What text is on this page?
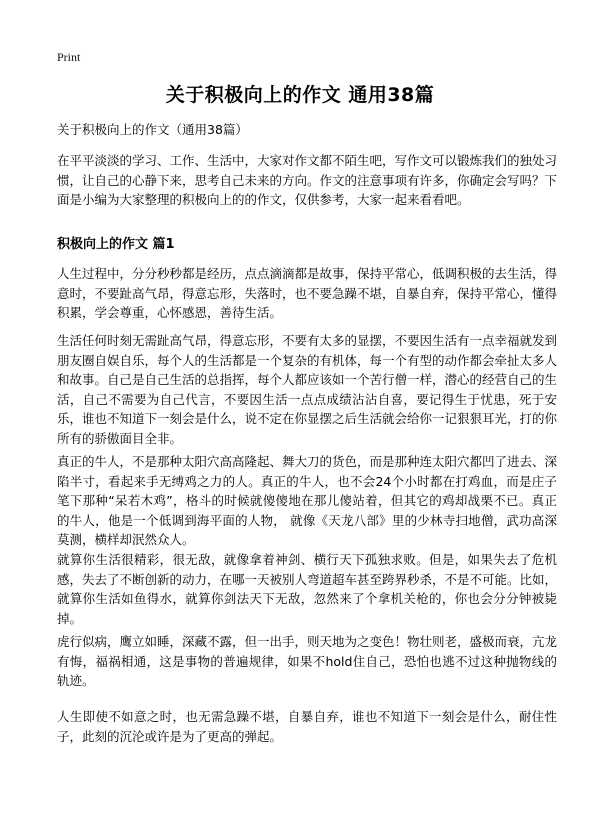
Print
关于积极向上的作文 通用38篇
关于积极向上的作文（通用38篇）

在平平淡淡的学习、工作、生活中，大家对作文都不陌生吧，写作文可以锻炼我们的独处习惯，让自己的心静下来，思考自己未来的方向。作文的注意事项有许多，你确定会写吗？下面是小编为大家整理的积极向上的的作文，仅供参考，大家一起来看看吧。

积极向上的作文 篇1

人生过程中，分分秒秒都是经历，点点滴滴都是故事，保持平常心，低调积极的去生活，得意时，不要趾高气昂，得意忘形，失落时，也不要急躁不堪，自暴自弃，保持平常心，懂得积累，学会尊重，心怀感恩，善待生活。

生活任何时刻无需趾高气昂，得意忘形，不要有太多的显摆，不要因生活有一点幸福就发到朋友圈自娱自乐，每个人的生活都是一个复杂的有机体，每一个有型的动作都会牵扯太多人和故事。自己是自己生活的总指挥，每个人都应该如一个苦行僧一样，潜心的经营自己的生活，自己不需要为自己代言，不要因生活一点点成绩沾沾自喜，要记得生于忧患，死于安乐，谁也不知道下一刻会是什么，说不定在你显摆之后生活就会给你一记狠狠耳光，打的你所有的骄傲面目全非。

真正的牛人，不是那种太阳穴高高隆起、舞大刀的货色，而是那种连太阳穴都凹了进去、深陷半寸，看起来手无缚鸡之力的人。真正的牛人，也不会24个小时都在打鸡血，而是庄子笔下那种“呆若木鸡”，格斗的时候就傻傻地在那儿傻站着，但其它的鸡却战栗不已。真正的牛人，他是一个低调到海平面的人物， 就像《天龙八部》里的少林寺扫地僧，武功高深莫测，横样却泯然众人。

就算你生活很精彩，很无敌，就像拿着神剑、横行天下孤独求败。但是，如果失去了危机感，失去了不断创新的动力，在哪一天被别人弯道超车甚至跨界秒杀，不是不可能。比如，就算你生活如鱼得水，就算你剑法天下无敌，忽然来了个拿机关枪的，你也会分分钟被毙掉。

虎行似病，鹰立如睡，深藏不露，但一出手，则天地为之变色！物壮则老，盛极而衰，亢龙有悔，福祸相通，这是事物的普遍规律，如果不hold住自己，恐怕也逃不过这种抛物线的轨迹。

人生即使不如意之时，也无需急躁不堪，自暴自弃，谁也不知道下一刻会是什么，耐住性子，此刻的沉沦或许是为了更高的弹起。
